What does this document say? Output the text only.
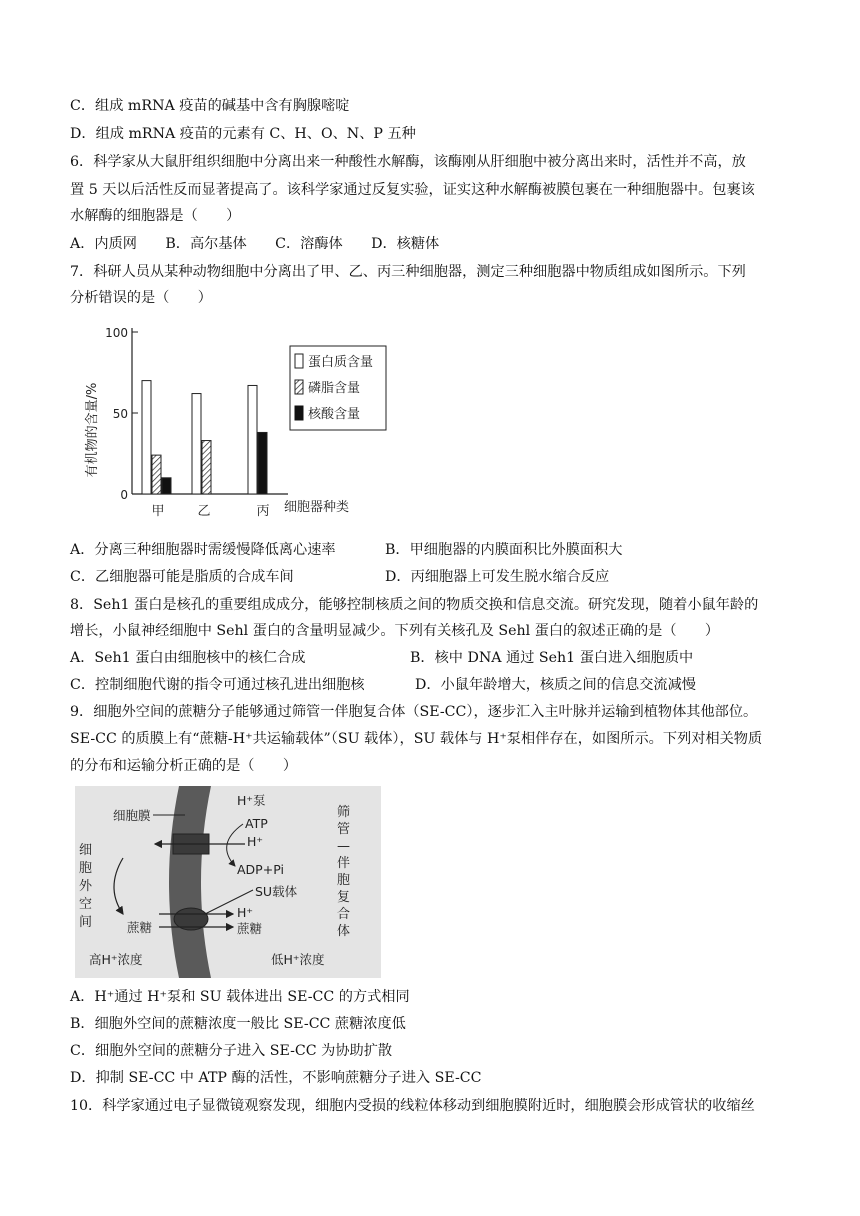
C．组成 mRNA 疫苗的碱基中含有胸腺嘧啶
D．组成 mRNA 疫苗的元素有 C、H、O、N、P 五种
6．科学家从大鼠肝组织细胞中分离出来一种酸性水解酶，该酶刚从肝细胞中被分离出来时，活性并不高，放
置 5 天以后活性反而显著提高了。该科学家通过反复实验，证实这种水解酶被膜包裹在一种细胞器中。包裹该
水解酶的细胞器是（　　）
A．内质网　　B．高尔基体　　C．溶酶体　　D．核糖体
7．科研人员从某种动物细胞中分离出了甲、乙、丙三种细胞器，测定三种细胞器中物质组成如图所示。下列
分析错误的是（　　）
有机物的含量/%
100
50
0
甲	乙	丙 细胞器种类
蛋白质含量
磷脂含量
核酸含量
A．分离三种细胞器时需缓慢降低离心速率	B．甲细胞器的内膜面积比外膜面积大
C．乙细胞器可能是脂质的合成车间	D．丙细胞器上可发生脱水缩合反应
8．Seh1 蛋白是核孔的重要组成成分，能够控制核质之间的物质交换和信息交流。研究发现，随着小鼠年龄的
增长，小鼠神经细胞中 Sehl 蛋白的含量明显减少。下列有关核孔及 Sehl 蛋白的叙述正确的是（　　）
A．Seh1 蛋白由细胞核中的核仁合成	B．核中 DNA 通过 Seh1 蛋白进入细胞质中
C．控制细胞代谢的指令可通过核孔进出细胞核	D．小鼠年龄增大，核质之间的信息交流减慢
9．细胞外空间的蔗糖分子能够通过筛管一伴胞复合体（SE-CC），逐步汇入主叶脉并运输到植物体其他部位。
SE-CC 的质膜上有“蔗糖-H⁺共运输载体”（SU 载体），SU 载体与 H⁺泵相伴存在，如图所示。下列对相关物质
的分布和运输分析正确的是（　　）
细胞膜
细胞外空间
H⁺泵
ATP
H⁺
ADP+Pi
SU载体
蔗糖
H⁺
蔗糖
筛管—伴胞复合体
高H⁺浓度	低H⁺浓度
A．H⁺通过 H⁺泵和 SU 载体进出 SE-CC 的方式相同
B．细胞外空间的蔗糖浓度一般比 SE-CC 蔗糖浓度低
C．细胞外空间的蔗糖分子进入 SE-CC 为协助扩散
D．抑制 SE-CC 中 ATP 酶的活性，不影响蔗糖分子进入 SE-CC
10．科学家通过电子显微镜观察发现，细胞内受损的线粒体移动到细胞膜附近时，细胞膜会形成管状的收缩丝
